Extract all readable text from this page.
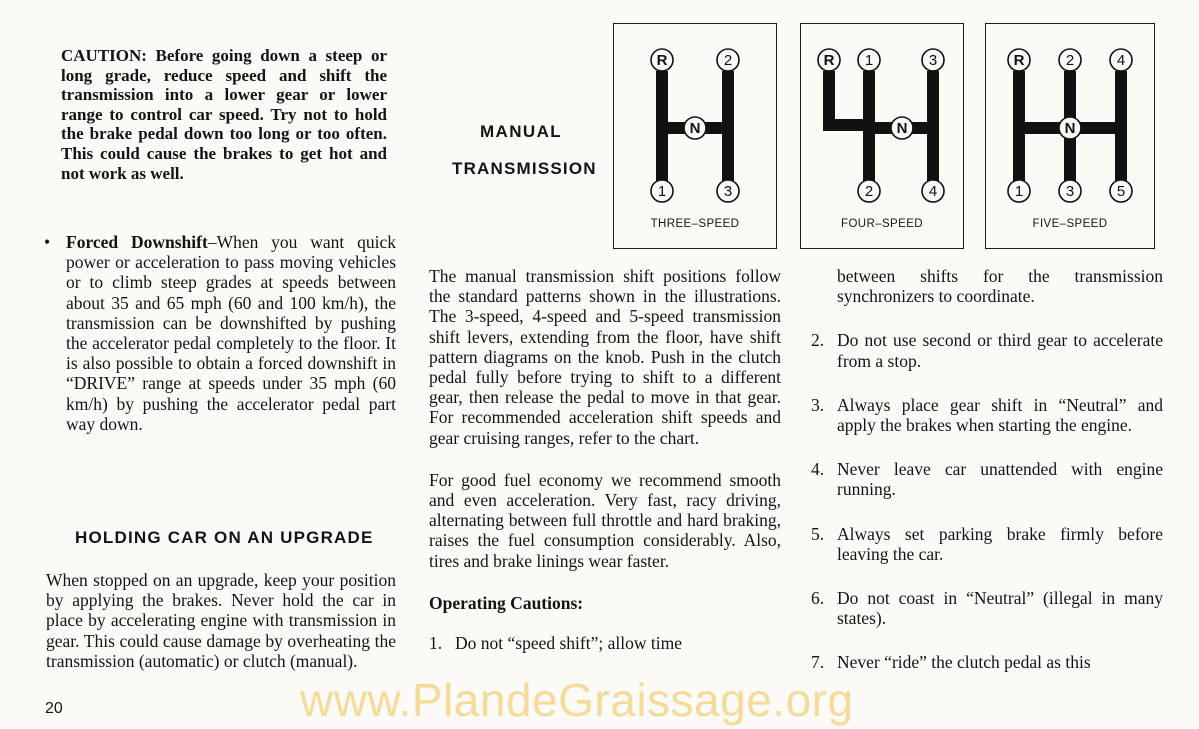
CAUTION: Before going down a steep or long grade, reduce speed and shift the transmission into a lower gear or lower range to control car speed. Try not to hold the brake pedal down too long or too often. This could cause the brakes to get hot and not work as well.
• Forced Downshift–When you want quick power or acceleration to pass moving vehicles or to climb steep grades at speeds between about 35 and 65 mph (60 and 100 km/h), the transmission can be downshifted by pushing the accelerator pedal completely to the floor. It is also possible to obtain a forced downshift in “DRIVE” range at speeds under 35 mph (60 km/h) by pushing the accelerator pedal part way down.
HOLDING CAR ON AN UPGRADE
When stopped on an upgrade, keep your position by applying the brakes. Never hold the car in place by accelerating engine with transmission in gear. This could cause damage by overheating the transmission (automatic) or clutch (manual).
20
MANUAL
TRANSMISSION
R	2
N
1	3
THREE–SPEED
R 1	3
N
2	4
FOUR–SPEED
R	2	4
N
1	3	5
FIVE–SPEED
The manual transmission shift positions follow the standard patterns shown in the illustrations. The 3-speed, 4-speed and 5-speed transmission shift levers, extending from the floor, have shift pattern diagrams on the knob. Push in the clutch pedal fully before trying to shift to a different gear, then release the pedal to move in that gear. For recommended acceleration shift speeds and gear cruising ranges, refer to the chart.
For good fuel economy we recommend smooth and even acceleration. Very fast, racy driving, alternating between full throttle and hard braking, raises the fuel consumption considerably. Also, tires and brake linings wear faster.
Operating Cautions:
1. Do not “speed shift”; allow time
between shifts for the transmission synchronizers to coordinate.
2. Do not use second or third gear to accelerate from a stop.
3. Always place gear shift in “Neutral” and apply the brakes when starting the engine.
4. Never leave car unattended with engine running.
5. Always set parking brake firmly before leaving the car.
6. Do not coast in “Neutral” (illegal in many states).
7. Never “ride” the clutch pedal as this
www.PlandeGraissage.org
